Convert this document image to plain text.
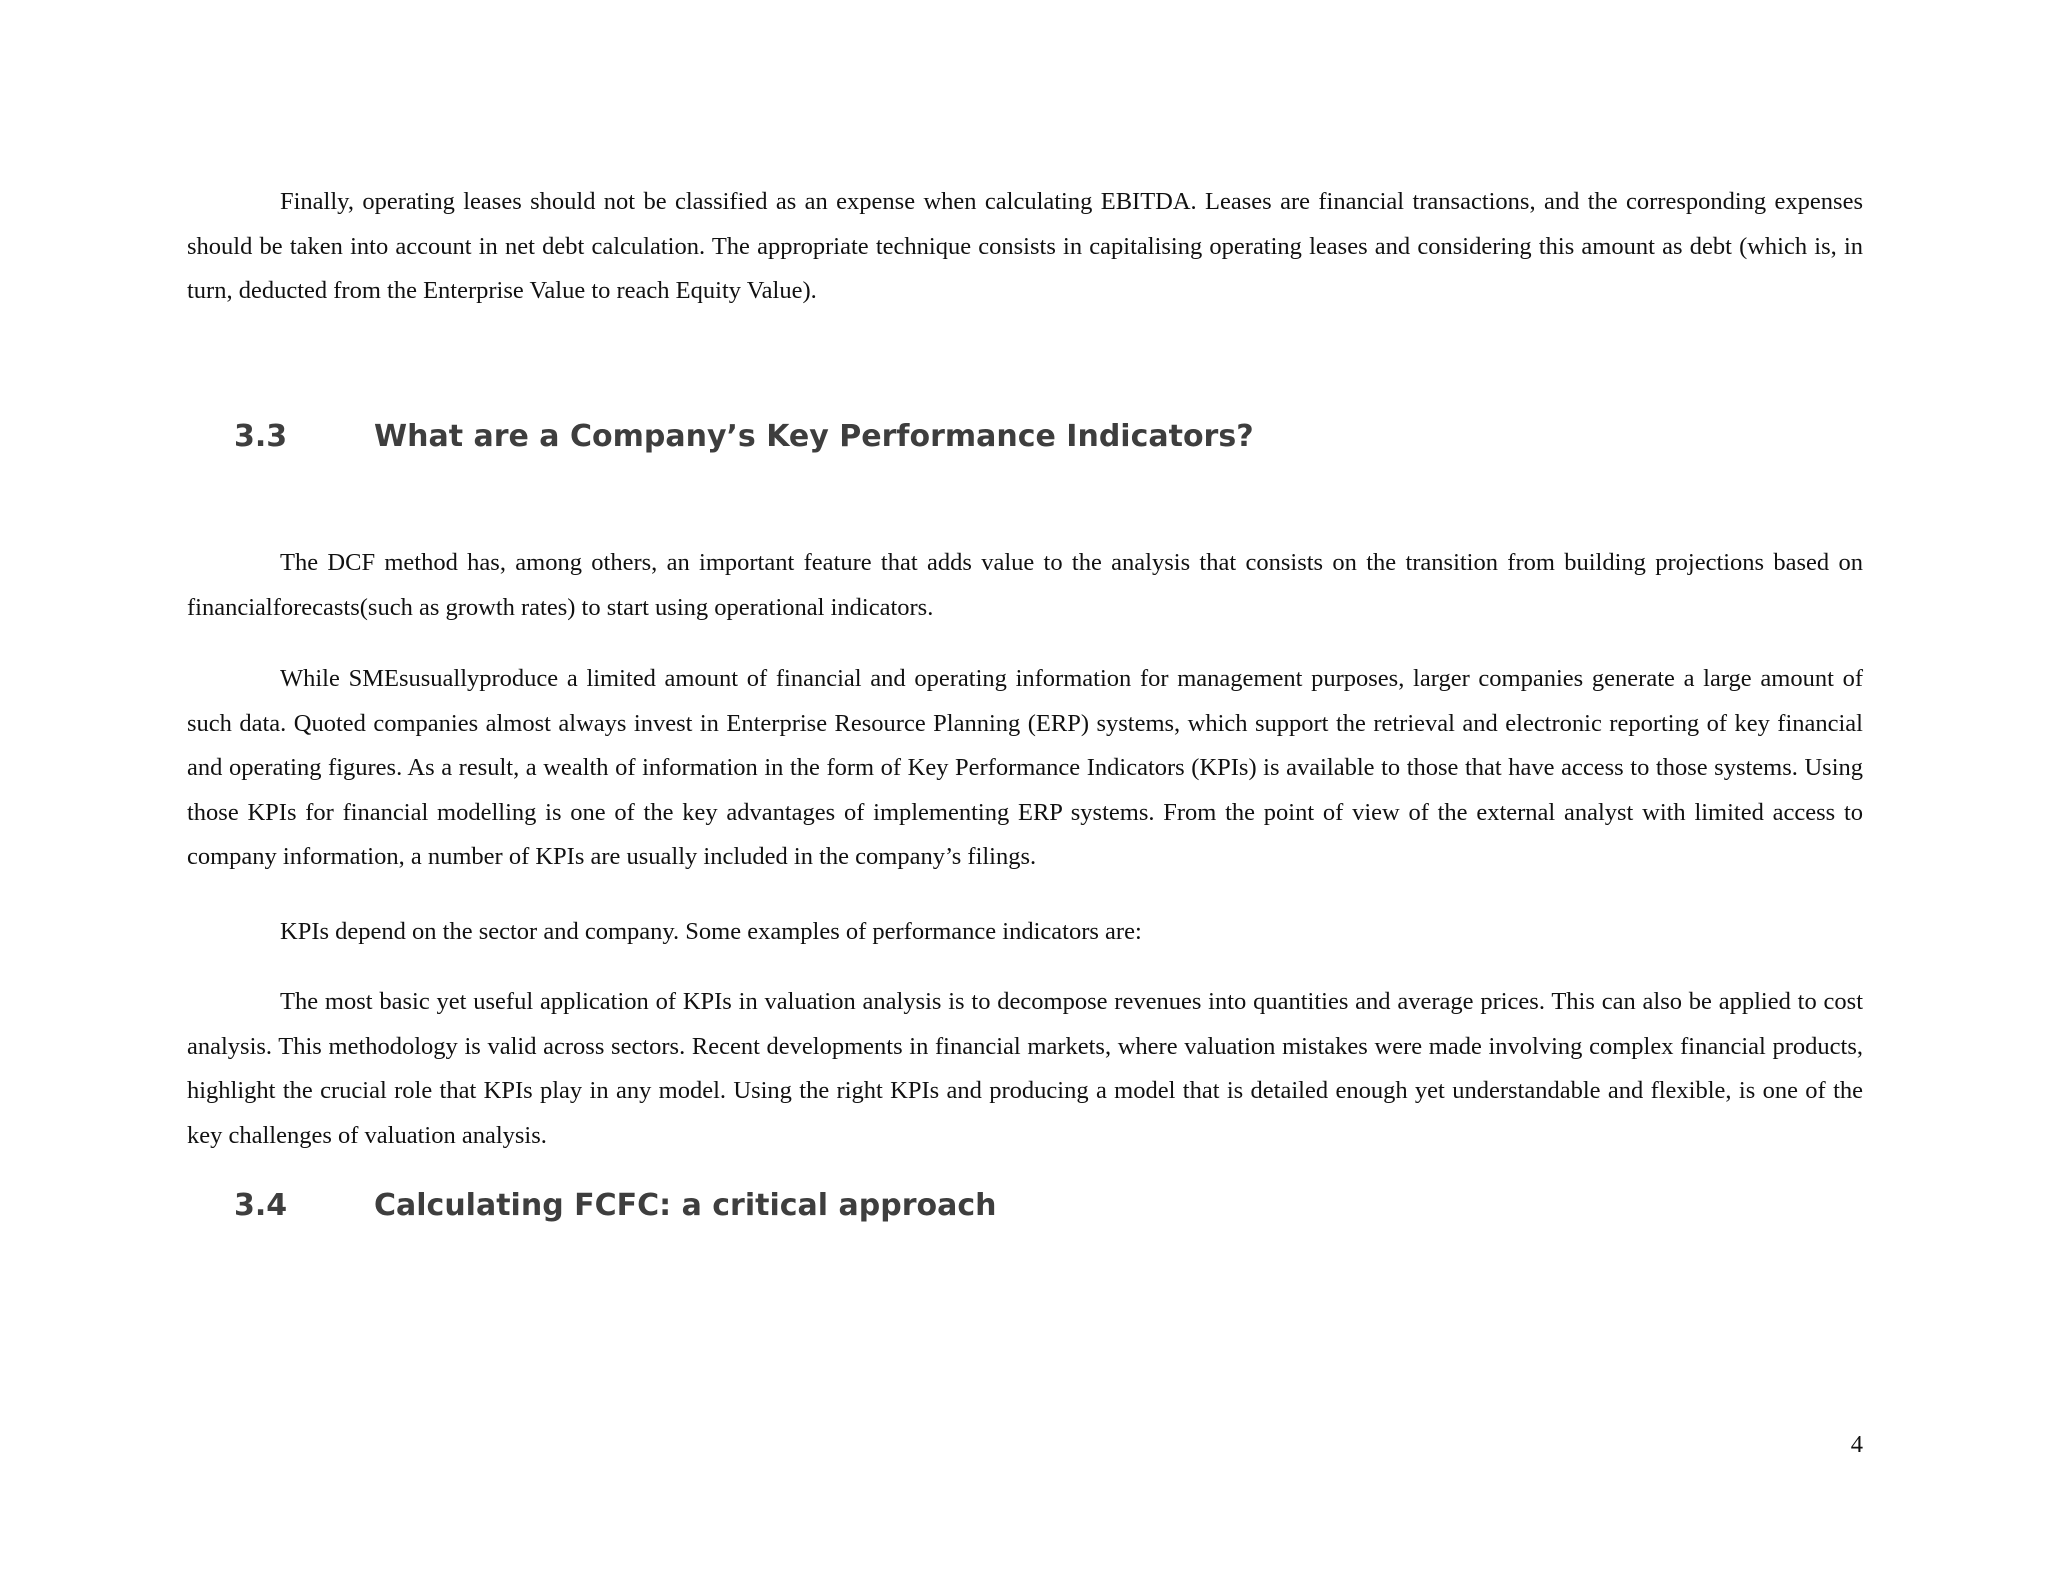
Finally, operating leases should not be classified as an expense when calculating EBITDA. Leases are financial transactions, and the corresponding expenses should be taken into account in net debt calculation. The appropriate technique consists in capitalising operating leases and considering this amount as debt (which is, in turn, deducted from the Enterprise Value to reach Equity Value).

3.3	What are a Company’s Key Performance Indicators?

The DCF method has, among others, an important feature that adds value to the analysis that consists on the transition from building projections based on financialforecasts(such as growth rates) to start using operational indicators.

While SMEsusuallyproduce a limited amount of financial and operating information for management purposes, larger companies generate a large amount of such data. Quoted companies almost always invest in Enterprise Resource Planning (ERP) systems, which support the retrieval and electronic reporting of key financial and operating figures. As a result, a wealth of information in the form of Key Performance Indicators (KPIs) is available to those that have access to those systems. Using those KPIs for financial modelling is one of the key advantages of implementing ERP systems. From the point of view of the external analyst with limited access to company information, a number of KPIs are usually included in the company’s filings.

KPIs depend on the sector and company. Some examples of performance indicators are:

The most basic yet useful application of KPIs in valuation analysis is to decompose revenues into quantities and average prices. This can also be applied to cost analysis. This methodology is valid across sectors. Recent developments in financial markets, where valuation mistakes were made involving complex financial products, highlight the crucial role that KPIs play in any model. Using the right KPIs and producing a model that is detailed enough yet understandable and flexible, is one of the key challenges of valuation analysis.

3.4	Calculating FCFC: a critical approach
4
